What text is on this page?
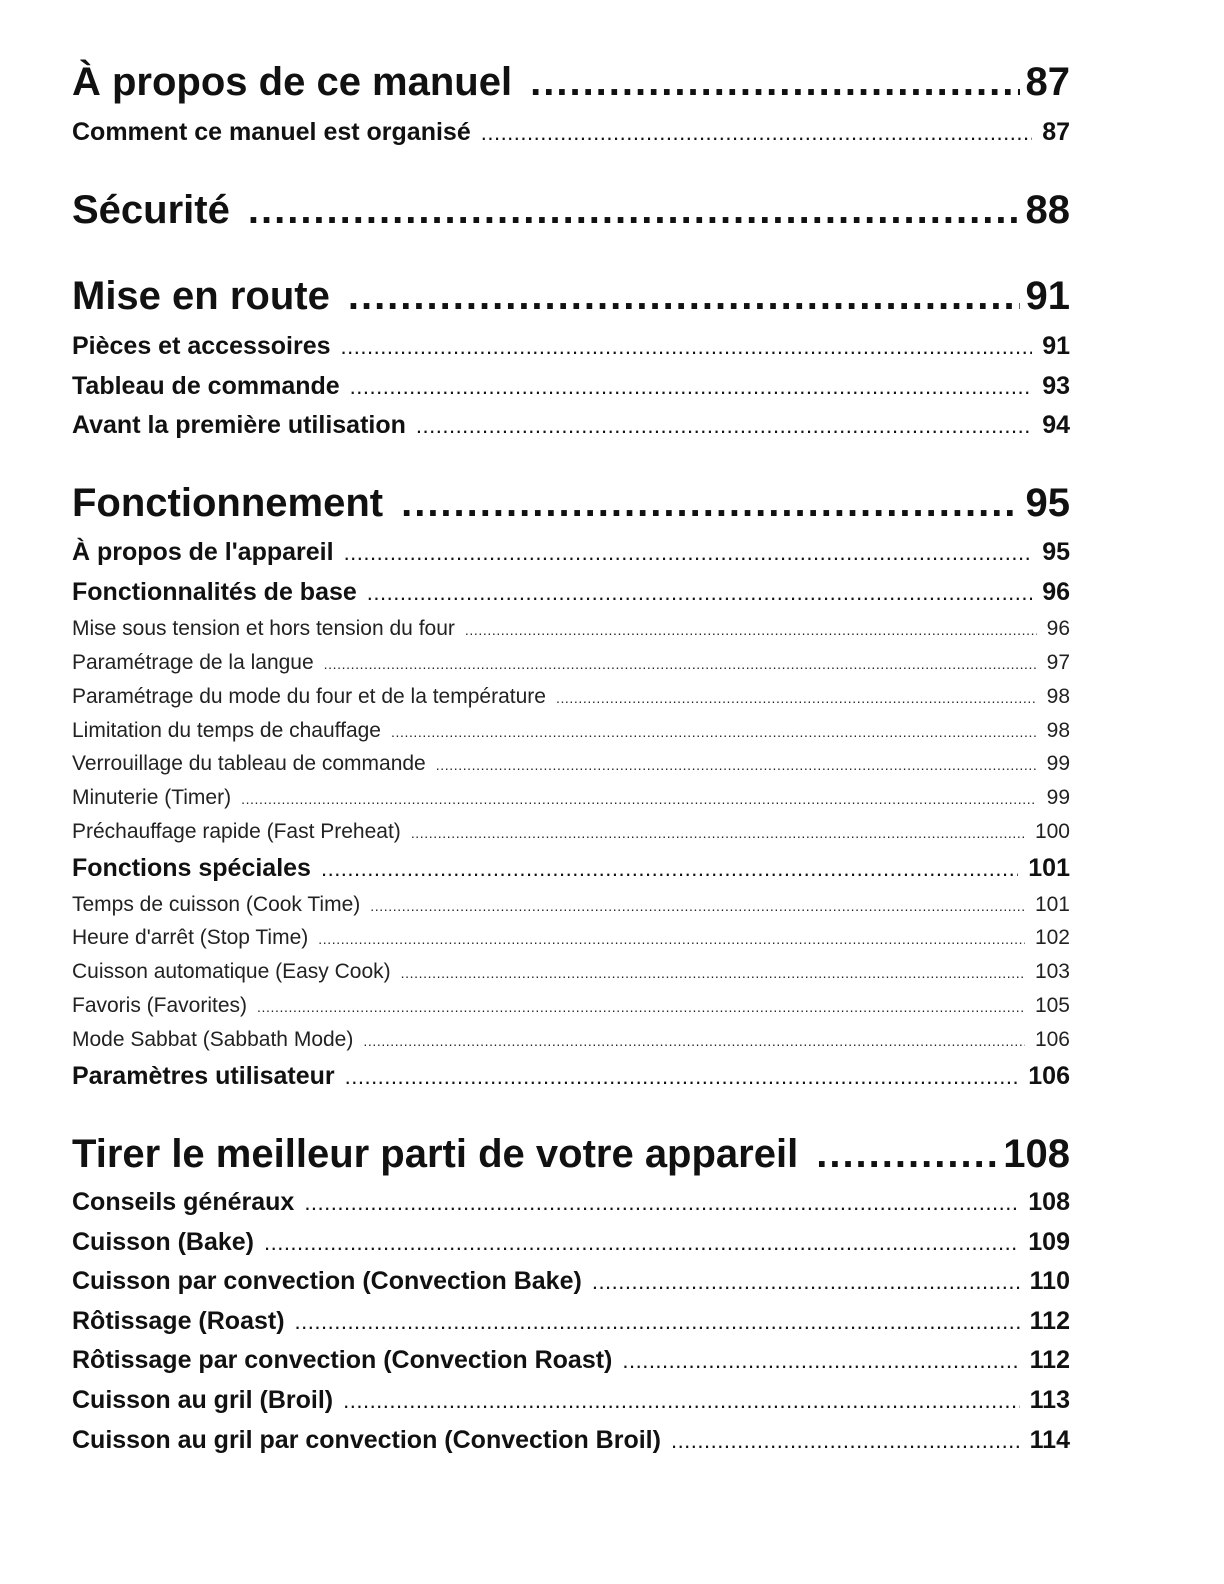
À propos de ce manuel .....	87
Comment ce manuel est organisé .....	87
Sécurité .....	88
Mise en route .....	91
Pièces et accessoires .....	91
Tableau de commande .....	93
Avant la première utilisation .....	94
Fonctionnement .....	95
À propos de l'appareil .....	95
Fonctionnalités de base .....	96
Mise sous tension et hors tension du four .....	96
Paramétrage de la langue .....	97
Paramétrage du mode du four et de la température .....	98
Limitation du temps de chauffage .....	98
Verrouillage du tableau de commande .....	99
Minuterie (Timer) .....	99
Préchauffage rapide (Fast Preheat) .....	100
Fonctions spéciales .....	101
Temps de cuisson (Cook Time) .....	101
Heure d'arrêt (Stop Time) .....	102
Cuisson automatique (Easy Cook) .....	103
Favoris (Favorites) .....	105
Mode Sabbat (Sabbath Mode) .....	106
Paramètres utilisateur .....	106
Tirer le meilleur parti de votre appareil .....	108
Conseils généraux .....	108
Cuisson (Bake) .....	109
Cuisson par convection (Convection Bake) .....	110
Rôtissage (Roast) .....	112
Rôtissage par convection (Convection Roast) .....	112
Cuisson au gril (Broil) .....	113
Cuisson au gril par convection (Convection Broil) .....	114
